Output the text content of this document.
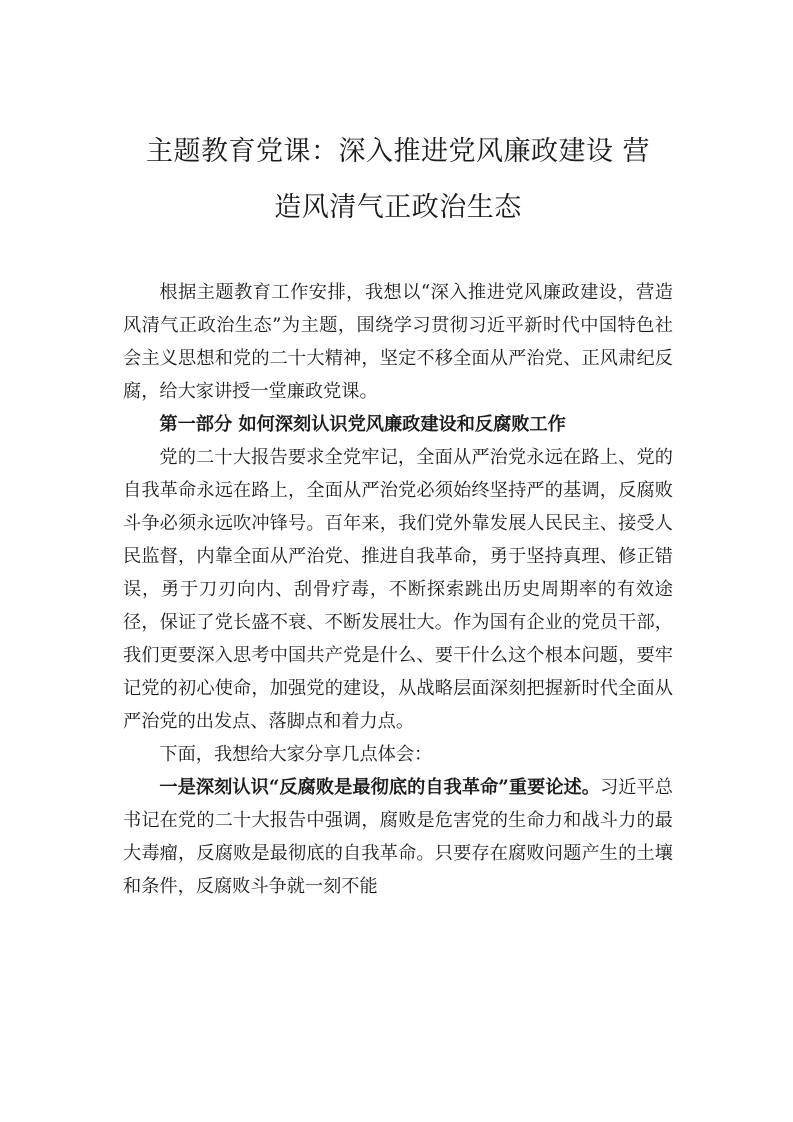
主题教育党课：深入推进党风廉政建设 营
造风清气正政治生态

根据主题教育工作安排，我想以“深入推进党风廉政建设，营造风清气正政治生态”为主题，围绕学习贯彻习近平新时代中国特色社会主义思想和党的二十大精神，坚定不移全面从严治党、正风肃纪反腐，给大家讲授一堂廉政党课。

第一部分 如何深刻认识党风廉政建设和反腐败工作

党的二十大报告要求全党牢记，全面从严治党永远在路上、党的自我革命永远在路上，全面从严治党必须始终坚持严的基调，反腐败斗争必须永远吹冲锋号。百年来，我们党外靠发展人民民主、接受人民监督，内靠全面从严治党、推进自我革命，勇于坚持真理、修正错误，勇于刀刃向内、刮骨疗毒，不断探索跳出历史周期率的有效途径，保证了党长盛不衰、不断发展壮大。作为国有企业的党员干部，我们更要深入思考中国共产党是什么、要干什么这个根本问题，要牢记党的初心使命，加强党的建设，从战略层面深刻把握新时代全面从严治党的出发点、落脚点和着力点。

下面，我想给大家分享几点体会：

一是深刻认识“反腐败是最彻底的自我革命”重要论述。习近平总书记在党的二十大报告中强调，腐败是危害党的生命力和战斗力的最大毒瘤，反腐败是最彻底的自我革命。只要存在腐败问题产生的土壤和条件，反腐败斗争就一刻不能
